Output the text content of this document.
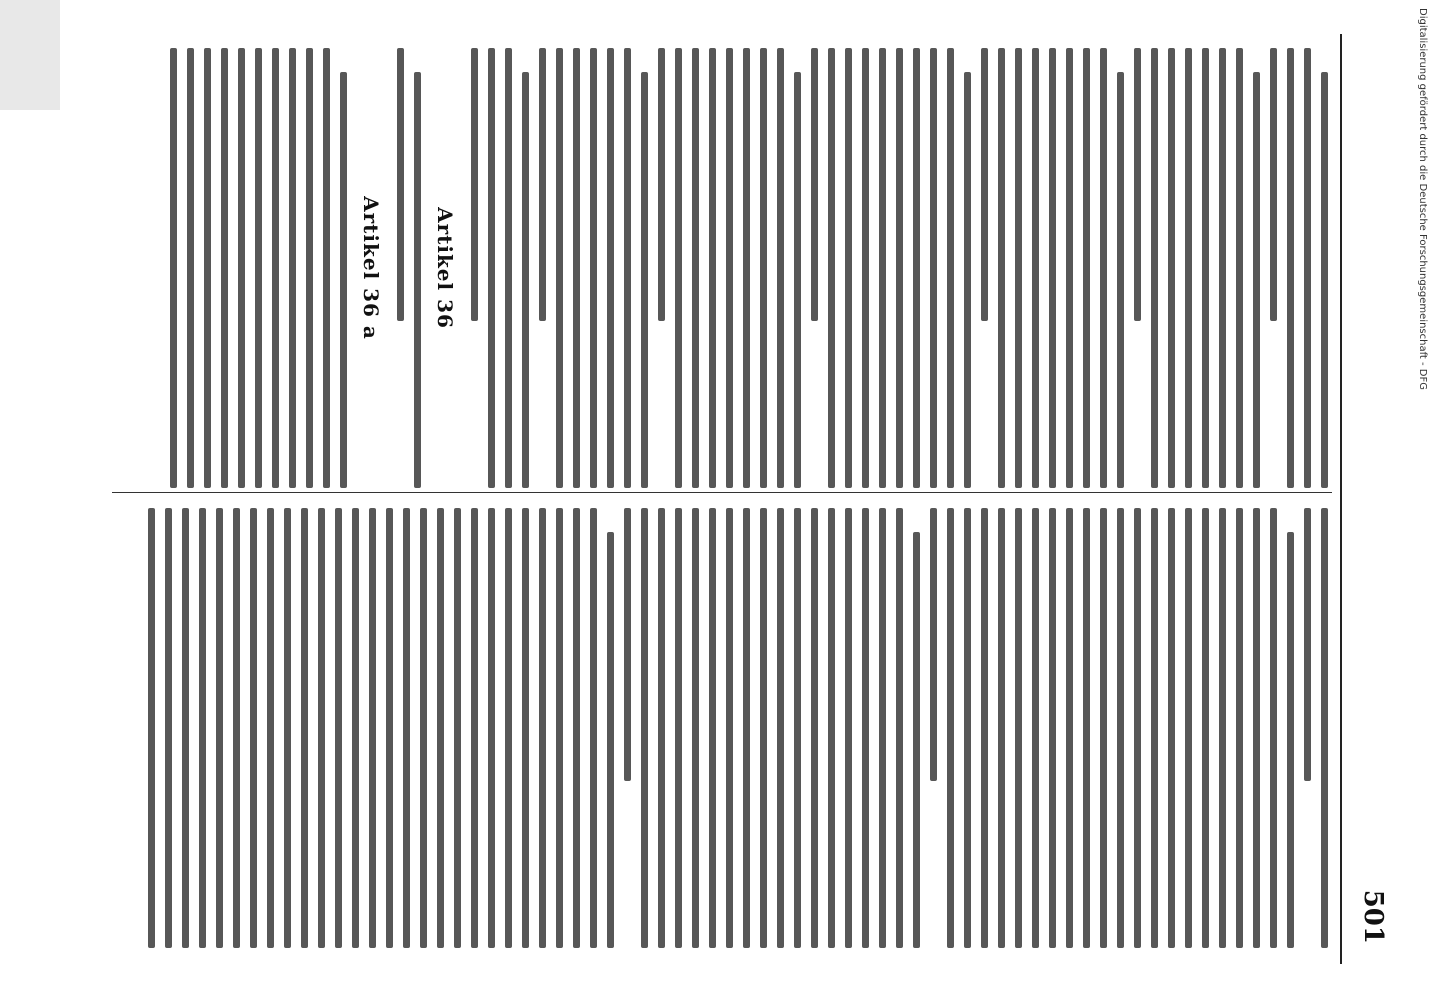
501
Artikel 36
Artikel 36 a	Digitalisierung gefördert durch die Deutsche Forschungsgemeinschaft - DFG
